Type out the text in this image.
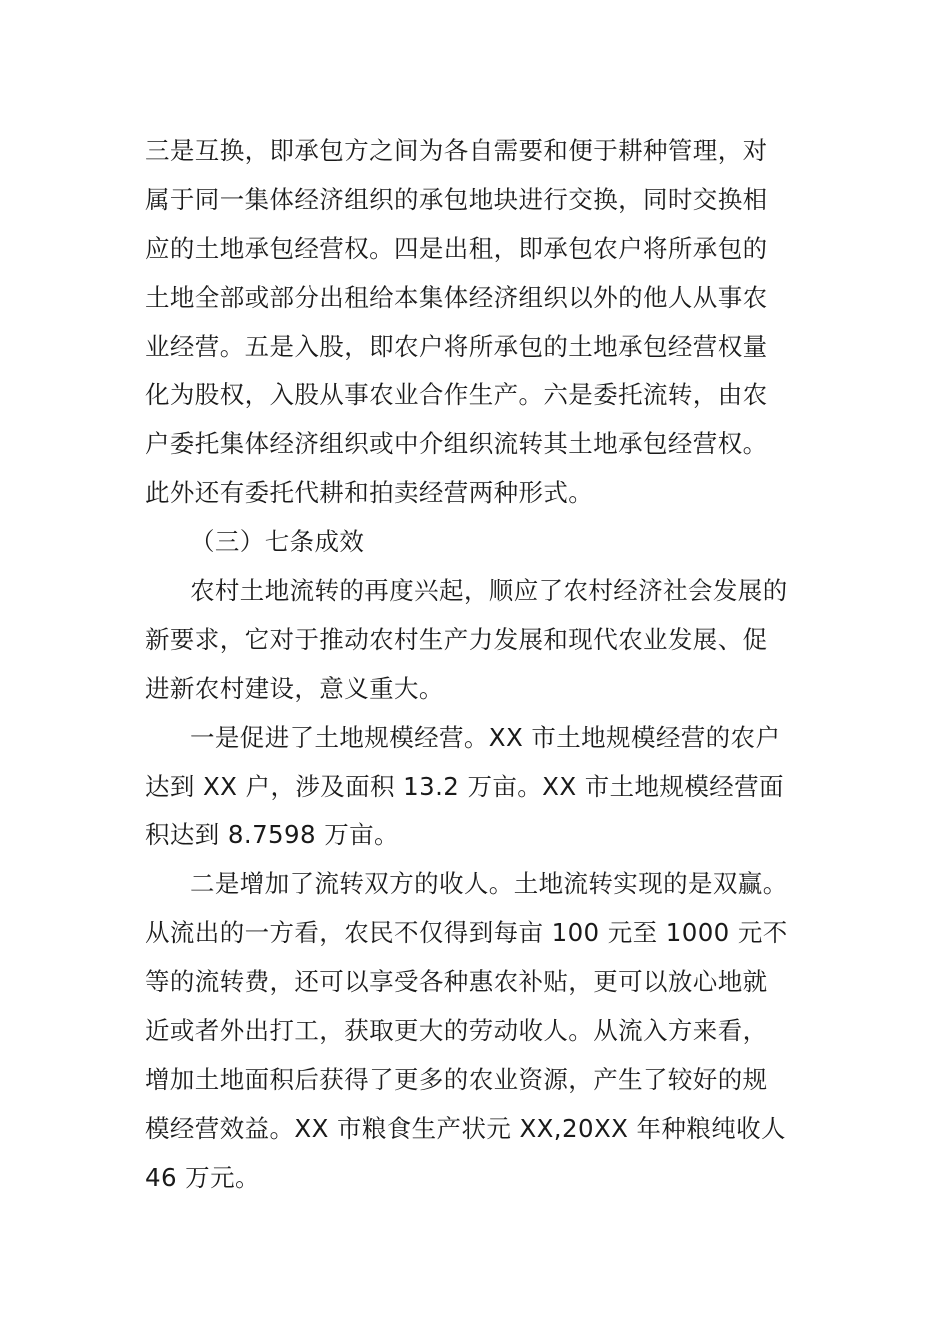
三是互换，即承包方之间为各自需要和便于耕种管理，对
属于同一集体经济组织的承包地块进行交换，同时交换相
应的土地承包经营权。四是出租，即承包农户将所承包的
土地全部或部分出租给本集体经济组织以外的他人从事农
业经营。五是入股，即农户将所承包的土地承包经营权量
化为股权，入股从事农业合作生产。六是委托流转，由农
户委托集体经济组织或中介组织流转其土地承包经营权。
此外还有委托代耕和拍卖经营两种形式。
（三）七条成效
农村土地流转的再度兴起，顺应了农村经济社会发展的
新要求，它对于推动农村生产力发展和现代农业发展、促
进新农村建设，意义重大。
一是促进了土地规模经营。XX 市土地规模经营的农户
达到 XX 户，涉及面积 13.2 万亩。XX 市土地规模经营面
积达到 8.7598 万亩。
二是增加了流转双方的收人。土地流转实现的是双赢。
从流出的一方看，农民不仅得到每亩 100 元至 1000 元不
等的流转费，还可以享受各种惠农补贴，更可以放心地就
近或者外出打工，获取更大的劳动收人。从流入方来看，
增加土地面积后获得了更多的农业资源，产生了较好的规
模经营效益。XX 市粮食生产状元 XX,20XX 年种粮纯收人
46 万元。
